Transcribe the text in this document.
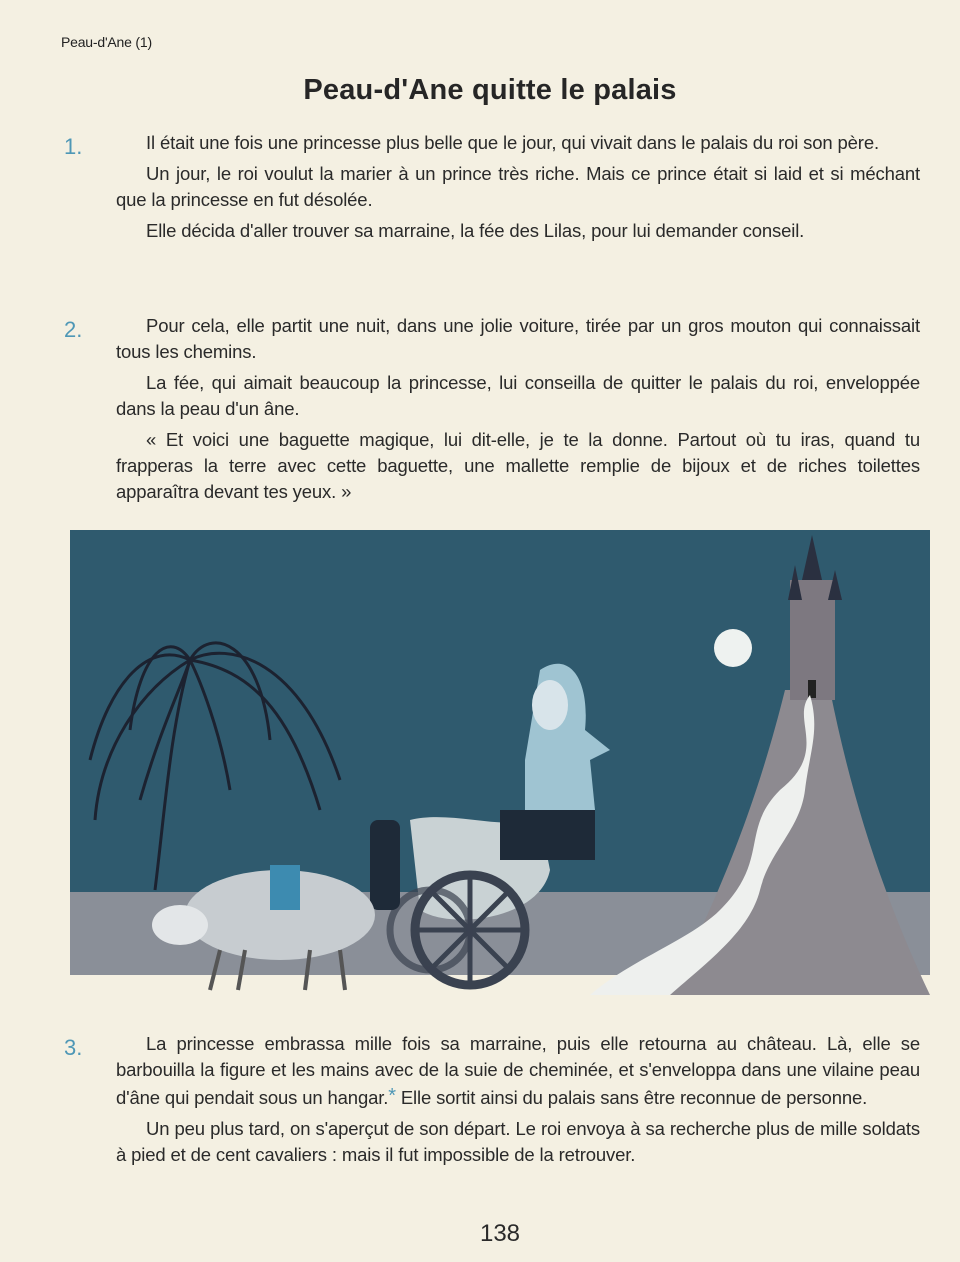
Peau-d'Ane (1)
Peau-d'Ane quitte le palais
1.	Il était une fois une princesse plus belle que le jour, qui vivait dans le palais du roi son père.

Un jour, le roi voulut la marier à un prince très riche. Mais ce prince était si laid et si méchant que la princesse en fut désolée.

Elle décida d'aller trouver sa marraine, la fée des Lilas, pour lui demander conseil.

2.	Pour cela, elle partit une nuit, dans une jolie voiture, tirée par un gros mouton qui connaissait tous les chemins.

La fée, qui aimait beaucoup la princesse, lui conseilla de quitter le palais du roi, enveloppée dans la peau d'un âne.

« Et voici une baguette magique, lui dit-elle, je te la donne. Partout où tu iras, quand tu frapperas la terre avec cette baguette, une mallette remplie de bijoux et de riches toilettes apparaîtra devant tes yeux. »

3.	La princesse embrassa mille fois sa marraine, puis elle retourna au château. Là, elle se barbouilla la figure et les mains avec de la suie de cheminée, et s'enveloppa dans une vilaine peau d'âne qui pendait sous un hangar.* Elle sortit ainsi du palais sans être reconnue de personne.

Un peu plus tard, on s'aperçut de son départ. Le roi envoya à sa recherche plus de mille soldats à pied et de cent cavaliers : mais il fut impossible de la retrouver.

138
